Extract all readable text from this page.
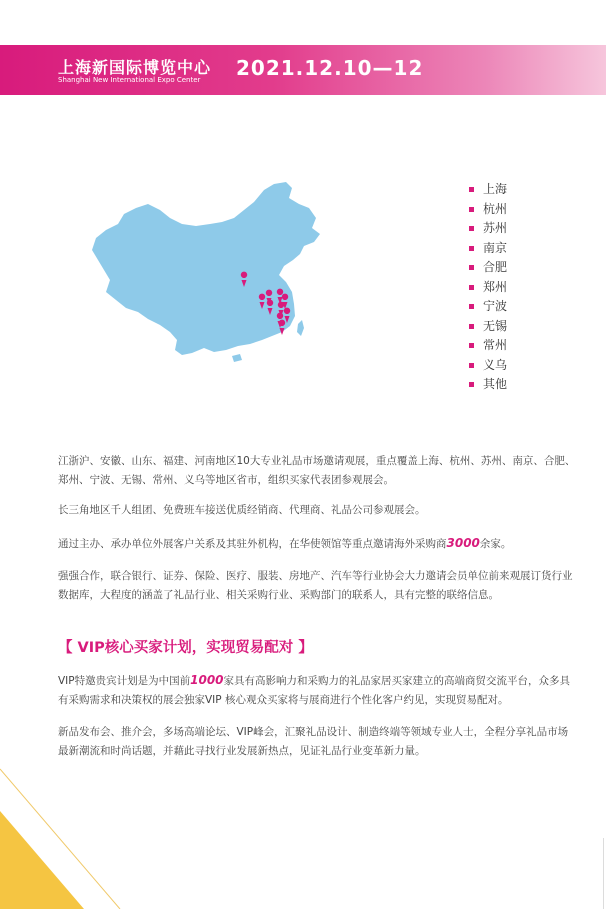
上海新国际博览中心
Shanghai New International Expo Center 2021.12.10—12
上海
杭州
苏州
南京
合肥
郑州
宁波
无锡
常州
义乌
其他

江浙沪、安徽、山东、福建、河南地区10大专业礼品市场邀请观展，重点覆盖上海、杭州、苏州、南京、合肥、郑州、宁波、无锡、常州、义乌等地区省市，组织买家代表团参观展会。

长三角地区千人组团、免费班车接送优质经销商、代理商、礼品公司参观展会。

通过主办、承办单位外展客户关系及其驻外机构，在华使领馆等重点邀请海外采购商3000余家。

强强合作，联合银行、证券、保险、医疗、服装、房地产、汽车等行业协会大力邀请会员单位前来观展订货行业数据库，大程度的涵盖了礼品行业、相关采购行业、采购部门的联系人，具有完整的联络信息。

【 VIP核心买家计划，实现贸易配对 】

VIP特邀贵宾计划是为中国前1000家具有高影响力和采购力的礼品家居买家建立的高端商贸交流平台，众多具有采购需求和决策权的展会独家VIP 核心观众买家将与展商进行个性化客户约见，实现贸易配对。

新品发布会、推介会，多场高端论坛、VIP峰会，汇聚礼品设计、制造终端等领域专业人士，全程分享礼品市场最新潮流和时尚话题，并藉此寻找行业发展新热点，见证礼品行业变革新力量。
